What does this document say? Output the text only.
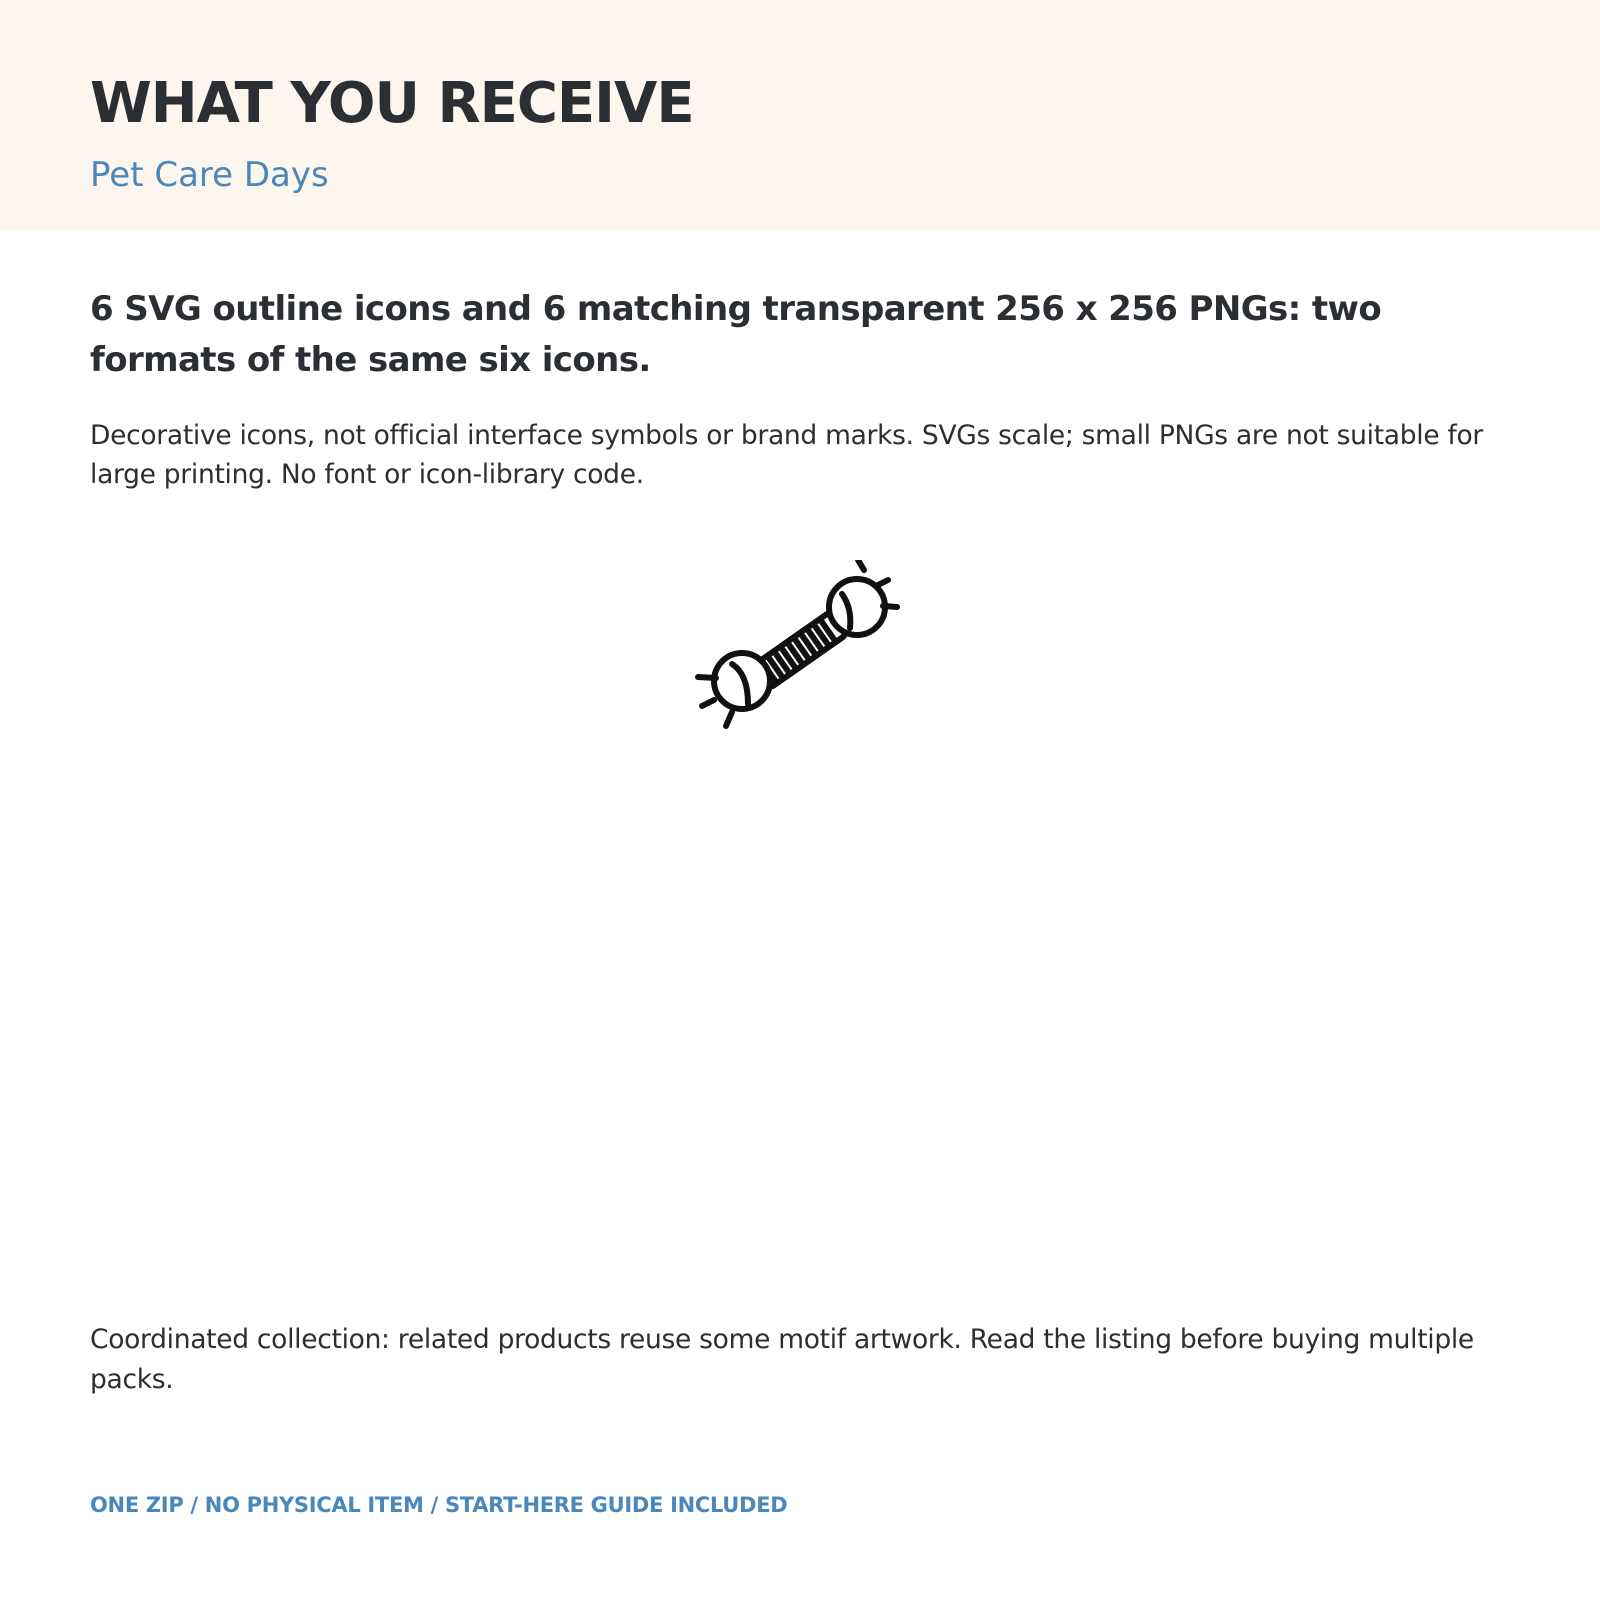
WHAT YOU RECEIVE

Pet Care Days

6 SVG outline icons and 6 matching transparent 256 x 256 PNGs: two formats of the same six icons.

Decorative icons, not official interface symbols or brand marks. SVGs scale; small PNGs are not suitable for large printing. No font or icon-library code.

Coordinated collection: related products reuse some motif artwork. Read the listing before buying multiple packs.

ONE ZIP / NO PHYSICAL ITEM / START-HERE GUIDE INCLUDED
